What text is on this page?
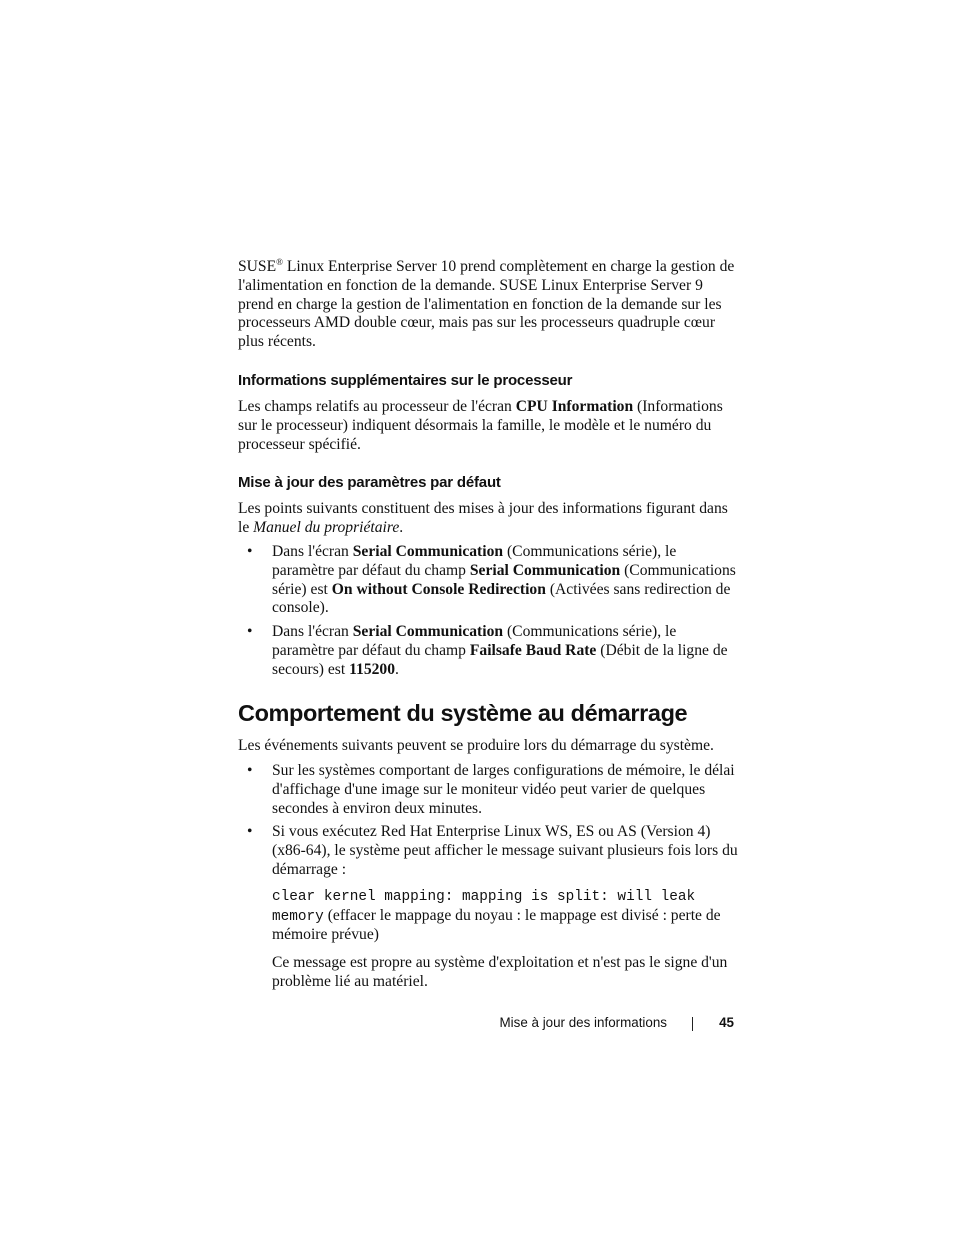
SUSE® Linux Enterprise Server 10 prend complètement en charge la gestion de l'alimentation en fonction de la demande. SUSE Linux Enterprise Server 9 prend en charge la gestion de l'alimentation en fonction de la demande sur les processeurs AMD double cœur, mais pas sur les processeurs quadruple cœur plus récents.
Informations supplémentaires sur le processeur
Les champs relatifs au processeur de l'écran CPU Information (Informations sur le processeur) indiquent désormais la famille, le modèle et le numéro du processeur spécifié.
Mise à jour des paramètres par défaut
Les points suivants constituent des mises à jour des informations figurant dans le Manuel du propriétaire.
• Dans l'écran Serial Communication (Communications série), le paramètre par défaut du champ Serial Communication (Communications série) est On without Console Redirection (Activées sans redirection de console).
• Dans l'écran Serial Communication (Communications série), le paramètre par défaut du champ Failsafe Baud Rate (Débit de la ligne de secours) est 115200.
Comportement du système au démarrage
Les événements suivants peuvent se produire lors du démarrage du système.
• Sur les systèmes comportant de larges configurations de mémoire, le délai d'affichage d'une image sur le moniteur vidéo peut varier de quelques secondes à environ deux minutes.
• Si vous exécutez Red Hat Enterprise Linux WS, ES ou AS (Version 4) (x86-64), le système peut afficher le message suivant plusieurs fois lors du démarrage :
clear kernel mapping: mapping is split: will leak memory (effacer le mappage du noyau : le mappage est divisé : perte de mémoire prévue)
Ce message est propre au système d'exploitation et n'est pas le signe d'un problème lié au matériel.
Mise à jour des informations	45
